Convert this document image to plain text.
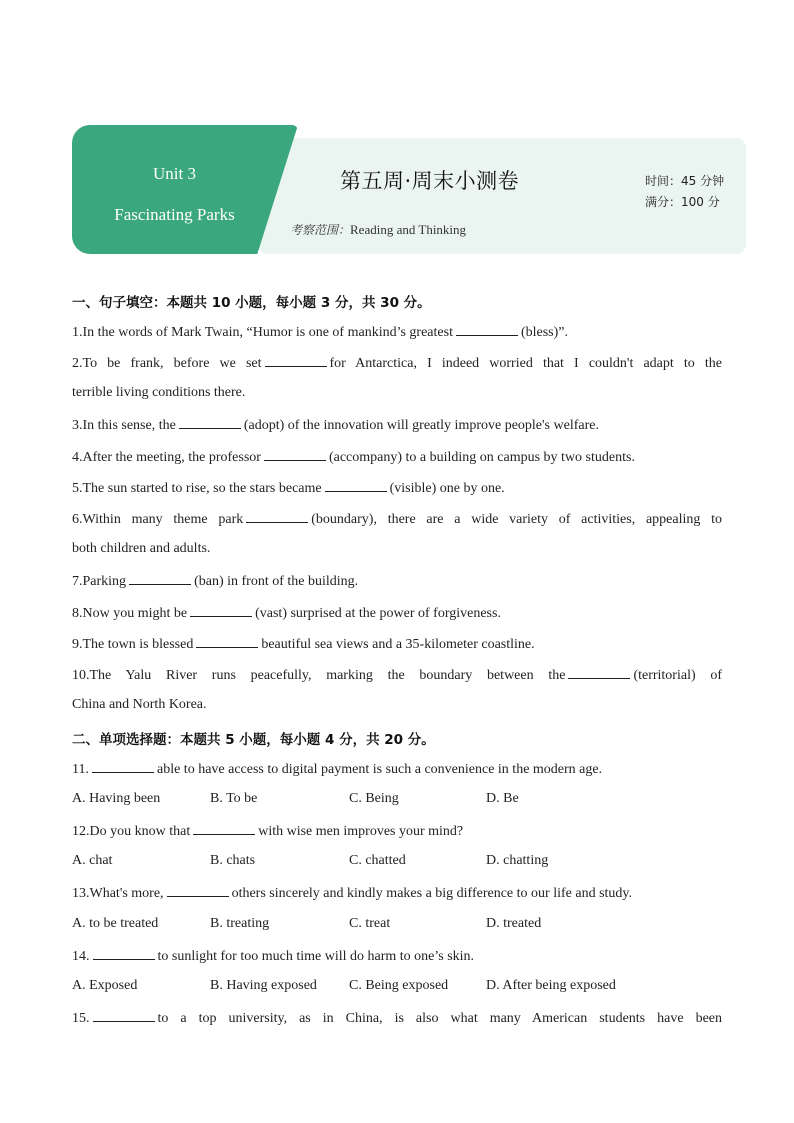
Unit 3
Fascinating Parks
第五周·周末小测卷	时间：45 分钟
满分：100 分
考察范围：Reading and Thinking
一、句子填空：本题共 10 小题，每小题 3 分，共 30 分。
1.In the words of Mark Twain, “Humor is one of mankind’s greatest	(bless)”.
2.To be frank, before we set	for Antarctica, I indeed worried that I couldn't adapt to the
terrible living conditions there.
3.In this sense, the	(adopt) of the innovation will greatly improve people's welfare.
4.After the meeting, the professor	(accompany) to a building on campus by two students.
5.The sun started to rise, so the stars became	(visible) one by one.
6.Within many theme park	(boundary), there are a wide variety of activities, appealing to
both children and adults.
7.Parking	(ban) in front of the building.
8.Now you might be	(vast) surprised at the power of forgiveness.
9.The town is blessed	beautiful sea views and a 35-kilometer coastline.
10.The Yalu River runs peacefully, marking the boundary between the	(territorial) of
China and North Korea.
二、单项选择题：本题共 5 小题，每小题 4 分，共 20 分。
11.	able to have access to digital payment is such a convenience in the modern age.
A. Having been	B. To be	C. Being	D. Be
12.Do you know that	with wise men improves your mind?
A. chat	B. chats	C. chatted	D. chatting
13.What's more,	others sincerely and kindly makes a big difference to our life and study.
A. to be treated	B. treating	C. treat	D. treated
14.	to sunlight for too much time will do harm to one’s skin.
A. Exposed	B. Having exposed C. Being exposed	D. After being exposed
15.	to a top university, as in China, is also what many American students have been
